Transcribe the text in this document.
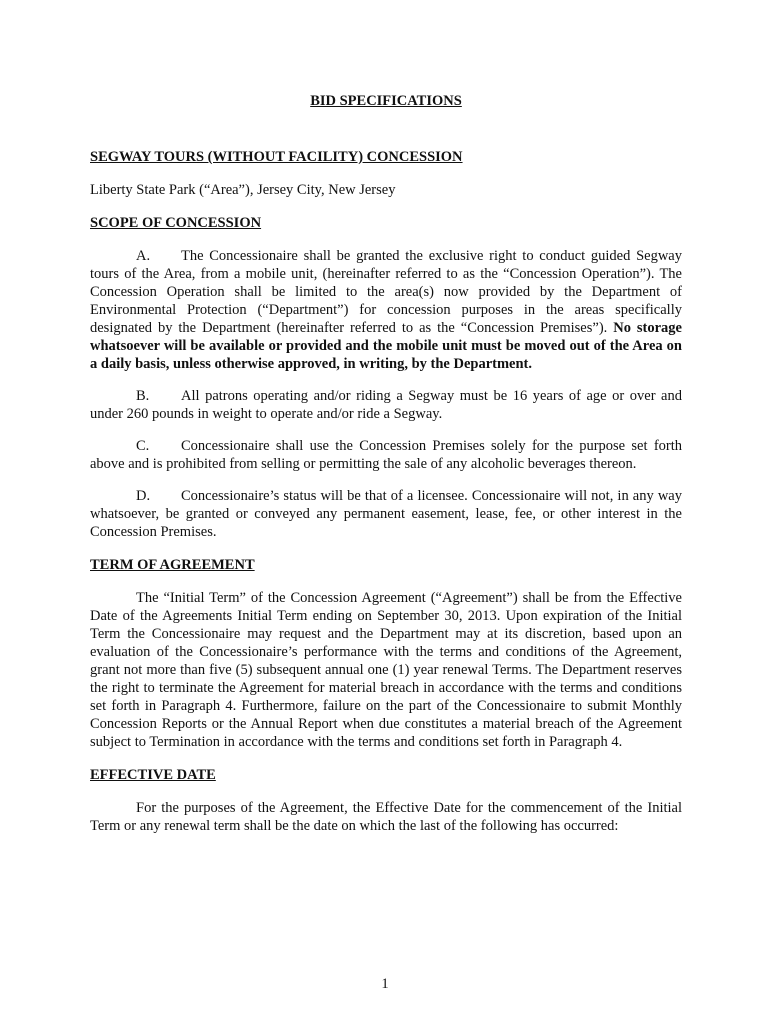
BID SPECIFICATIONS
SEGWAY TOURS (WITHOUT FACILITY) CONCESSION
Liberty State Park (“Area”), Jersey City, New Jersey
SCOPE OF CONCESSION
A. The Concessionaire shall be granted the exclusive right to conduct guided Segway tours of the Area, from a mobile unit, (hereinafter referred to as the “Concession Operation”). The Concession Operation shall be limited to the area(s) now provided by the Department of Environmental Protection (“Department”) for concession purposes in the areas specifically designated by the Department (hereinafter referred to as the “Concession Premises”). No storage whatsoever will be available or provided and the mobile unit must be moved out of the Area on a daily basis, unless otherwise approved, in writing, by the Department.
B. All patrons operating and/or riding a Segway must be 16 years of age or over and under 260 pounds in weight to operate and/or ride a Segway.
C. Concessionaire shall use the Concession Premises solely for the purpose set forth above and is prohibited from selling or permitting the sale of any alcoholic beverages thereon.
D. Concessionaire’s status will be that of a licensee. Concessionaire will not, in any way whatsoever, be granted or conveyed any permanent easement, lease, fee, or other interest in the Concession Premises.
TERM OF AGREEMENT
The “Initial Term” of the Concession Agreement (“Agreement”) shall be from the Effective Date of the Agreements Initial Term ending on September 30, 2013. Upon expiration of the Initial Term the Concessionaire may request and the Department may at its discretion, based upon an evaluation of the Concessionaire’s performance with the terms and conditions of the Agreement, grant not more than five (5) subsequent annual one (1) year renewal Terms. The Department reserves the right to terminate the Agreement for material breach in accordance with the terms and conditions set forth in Paragraph 4. Furthermore, failure on the part of the Concessionaire to submit Monthly Concession Reports or the Annual Report when due constitutes a material breach of the Agreement subject to Termination in accordance with the terms and conditions set forth in Paragraph 4.
EFFECTIVE DATE
For the purposes of the Agreement, the Effective Date for the commencement of the Initial Term or any renewal term shall be the date on which the last of the following has occurred:
1
